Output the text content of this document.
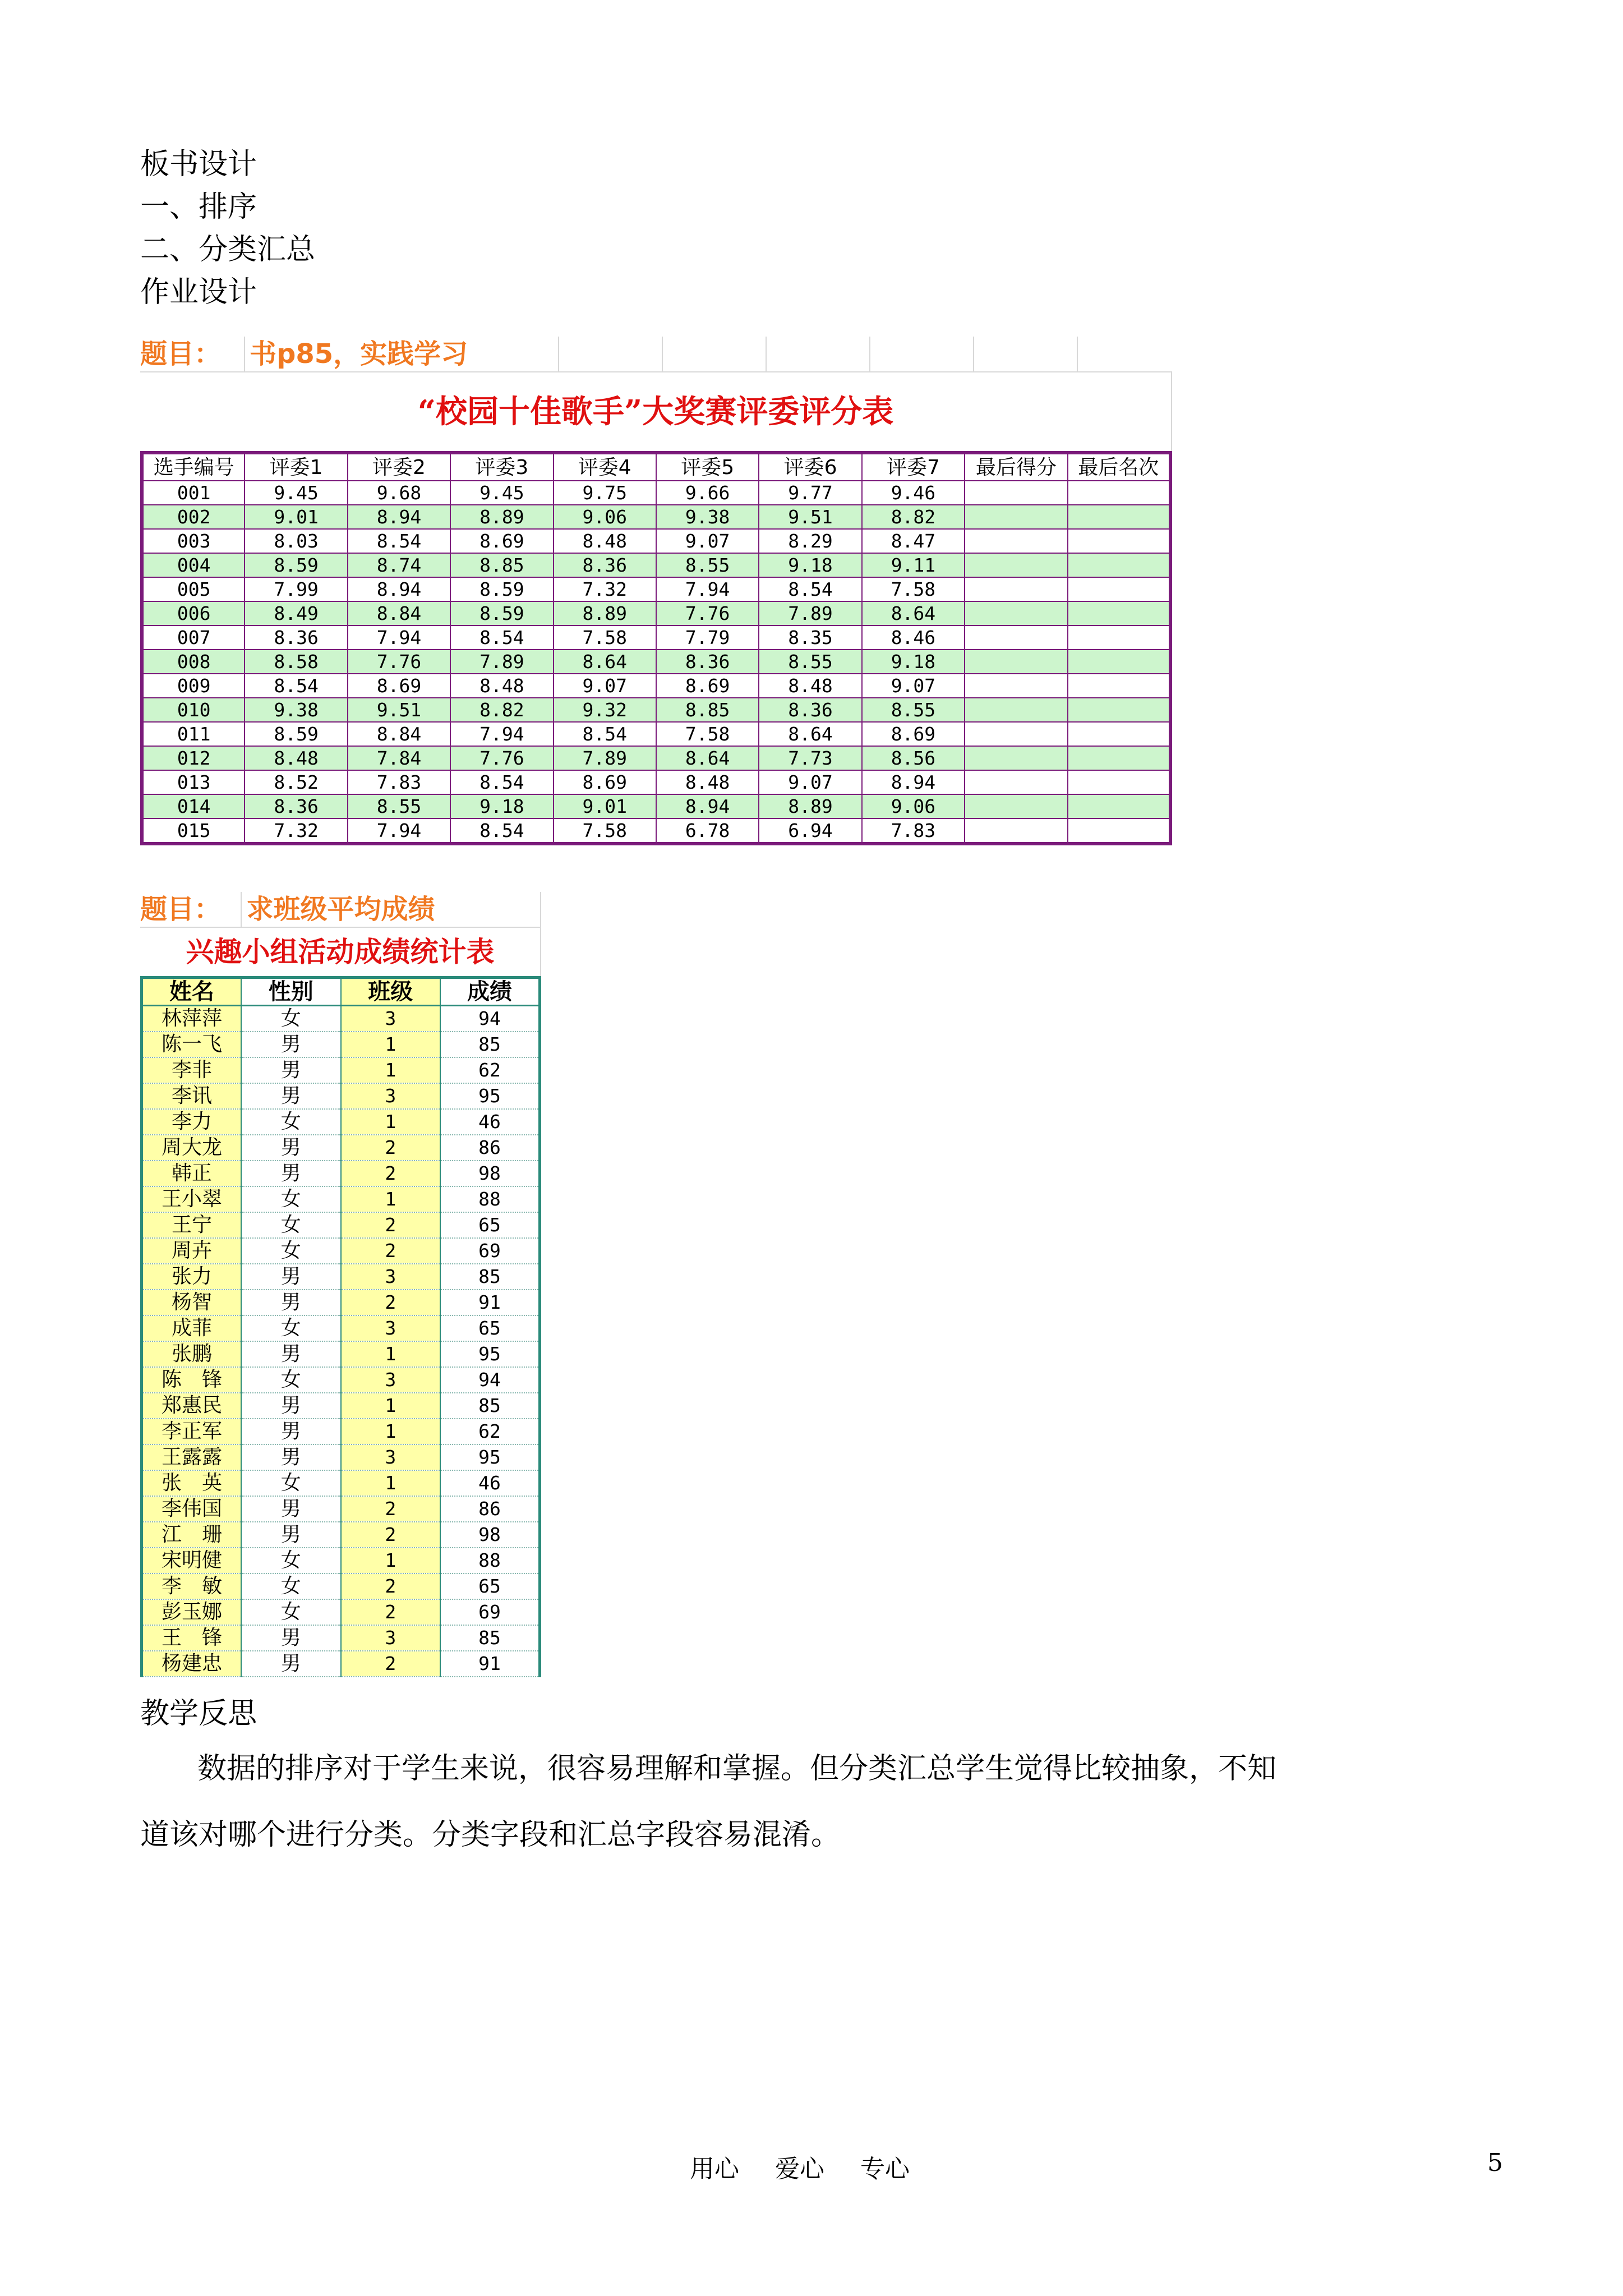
板书设计
一、排序
二、分类汇总
作业设计
题目：	书p85，实践学习
“校园十佳歌手”大奖赛评委评分表
选手编号	评委1	评委2	评委3	评委4	评委5	评委6	评委7	最后得分	最后名次
001	9.45	9.68	9.45	9.75	9.66	9.77	9.46		
002	9.01	8.94	8.89	9.06	9.38	9.51	8.82		
003	8.03	8.54	8.69	8.48	9.07	8.29	8.47		
004	8.59	8.74	8.85	8.36	8.55	9.18	9.11		
005	7.99	8.94	8.59	7.32	7.94	8.54	7.58		
006	8.49	8.84	8.59	8.89	7.76	7.89	8.64		
007	8.36	7.94	8.54	7.58	7.79	8.35	8.46		
008	8.58	7.76	7.89	8.64	8.36	8.55	9.18		
009	8.54	8.69	8.48	9.07	8.69	8.48	9.07		
010	9.38	9.51	8.82	9.32	8.85	8.36	8.55		
011	8.59	8.84	7.94	8.54	7.58	8.64	8.69		
012	8.48	7.84	7.76	7.89	8.64	7.73	8.56		
013	8.52	7.83	8.54	8.69	8.48	9.07	8.94		
014	8.36	8.55	9.18	9.01	8.94	8.89	9.06		
015	7.32	7.94	8.54	7.58	6.78	6.94	7.83		
题目： 求班级平均成绩
兴趣小组活动成绩统计表
姓名	性别	班级	成绩
林萍萍	女	3	94
陈一飞	男	1	85
李非	男	1	62
李讯	男	3	95
李力	女	1	46
周大龙	男	2	86
韩正	男	2	98
王小翠	女	1	88
王宁	女	2	65
周卉	女	2	69
张力	男	3	85
杨智	男	2	91
成菲	女	3	65
张鹏	男	1	95
陈　锋	女	3	94
郑惠民	男	1	85
李正军	男	1	62
王露露	男	3	95
张　英	女	1	46
李伟国	男	2	86
江　珊	男	2	98
宋明健	女	1	88
李　敏	女	2	65
彭玉娜	女	2	69
王　锋	男	3	85
杨建忠	男	2	91
教学反思
数据的排序对于学生来说，很容易理解和掌握。但分类汇总学生觉得比较抽象，不知
道该对哪个进行分类。分类字段和汇总字段容易混淆。
用心 爱心 专心	5
